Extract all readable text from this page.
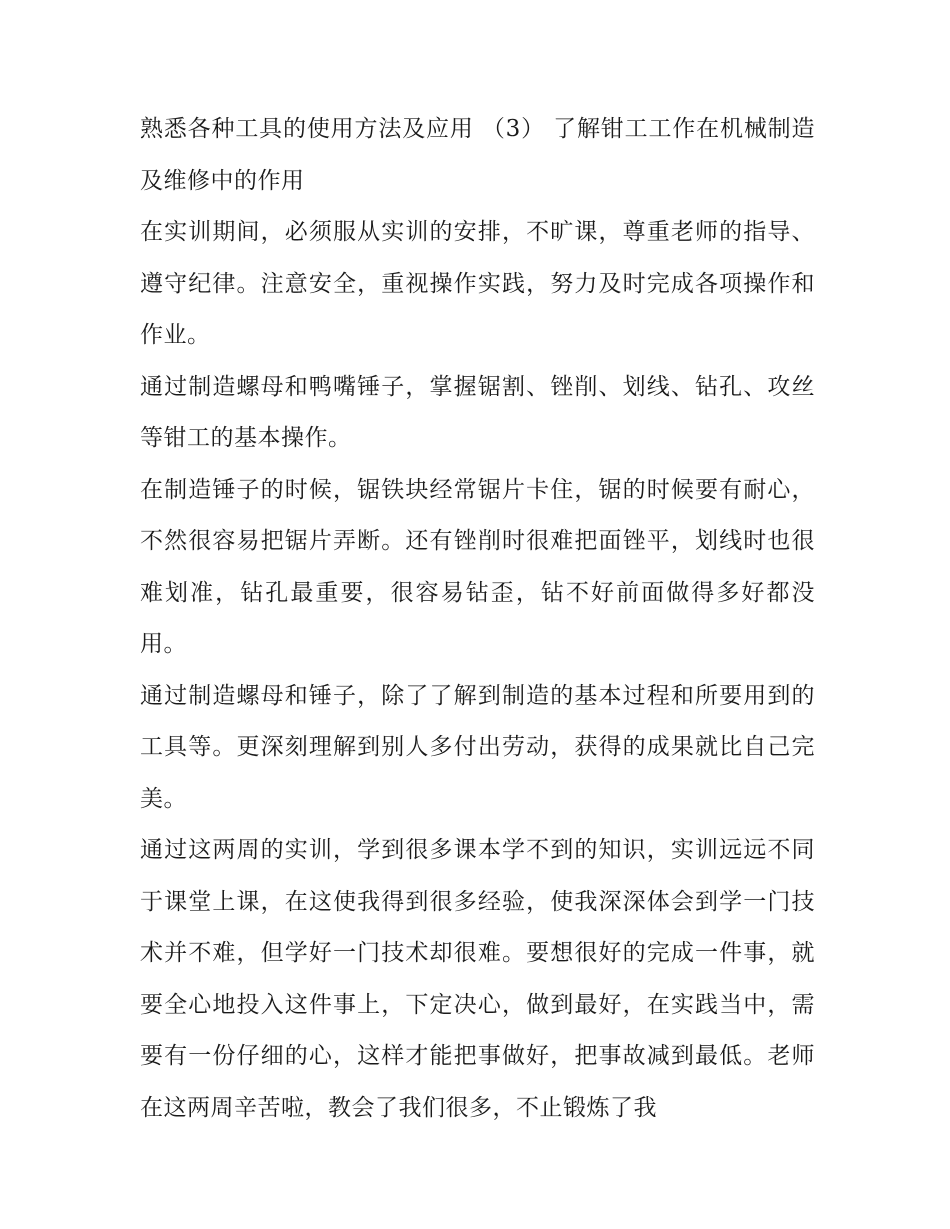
熟悉各种工具的使用方法及应用 （3） 了解钳工工作在机械制造及维修中的作用

在实训期间，必须服从实训的安排，不旷课，尊重老师的指导、遵守纪律。注意安全，重视操作实践，努力及时完成各项操作和作业。

通过制造螺母和鸭嘴锤子，掌握锯割、锉削、划线、钻孔、攻丝等钳工的基本操作。

在制造锤子的时候，锯铁块经常锯片卡住，锯的时候要有耐心，不然很容易把锯片弄断。还有锉削时很难把面锉平，划线时也很难划准，钻孔最重要，很容易钻歪，钻不好前面做得多好都没用。

通过制造螺母和锤子，除了了解到制造的基本过程和所要用到的工具等。更深刻理解到别人多付出劳动，获得的成果就比自己完美。

通过这两周的实训，学到很多课本学不到的知识，实训远远不同于课堂上课，在这使我得到很多经验，使我深深体会到学一门技术并不难，但学好一门技术却很难。要想很好的完成一件事，就要全心地投入这件事上，下定决心，做到最好，在实践当中，需要有一份仔细的心，这样才能把事做好，把事故减到最低。老师在这两周辛苦啦，教会了我们很多，不止锻炼了我
